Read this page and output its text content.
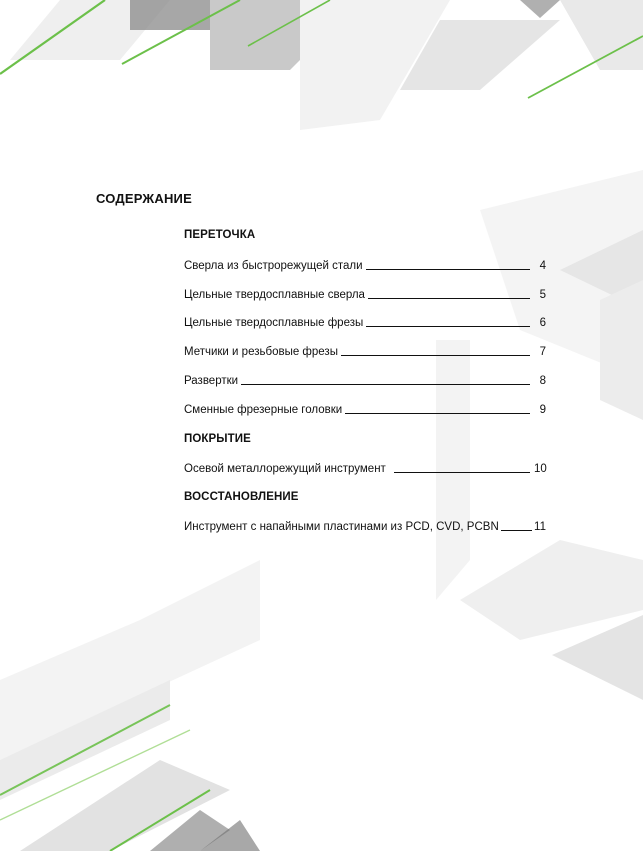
СОДЕРЖАНИЕ
ПЕРЕТОЧКА
Сверла из быстрорежущей стали	4
Цельные твердосплавные сверла	5
Цельные твердосплавные фрезы	6
Метчики и резьбовые фрезы	7
Развертки	8
Сменные фрезерные головки	9
ПОКРЫТИЕ
Осевой металлорежущий инструмент	10
ВОССТАНОВЛЕНИЕ
Инструмент с напайными пластинами из PCD, CVD, PCBN	11
